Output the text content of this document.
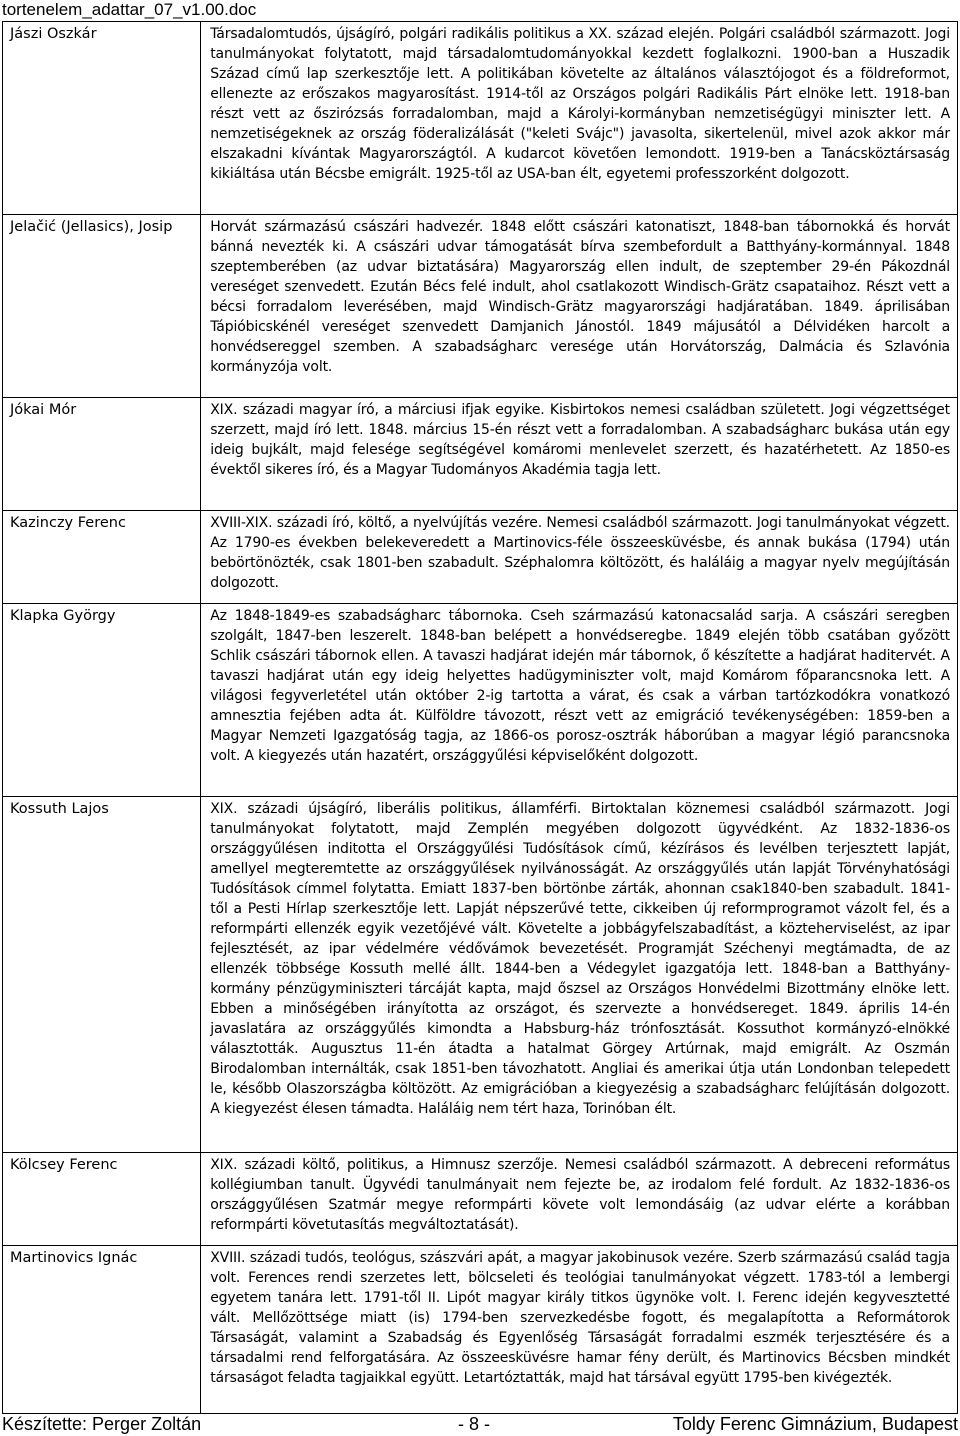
tortenelem_adattar_07_v1.00.doc
Jászi Oszkár	Társadalomtudós, újságíró, polgári radikális politikus a XX. század elején. Polgári családból származott. Jogi tanulmányokat folytatott, majd társadalomtudományokkal kezdett foglalkozni. 1900-ban a Huszadik Század című lap szerkesztője lett. A politikában követelte az általános választójogot és a földreformot, ellenezte az erőszakos magyarosítást. 1914-től az Országos polgári Radikális Párt elnöke lett. 1918-ban részt vett az őszirózsás forradalomban, majd a Károlyi-kormányban nemzetiségügyi miniszter lett. A nemzetiségeknek az ország föderalizálását ("keleti Svájc") javasolta, sikertelenül, mivel azok akkor már elszakadni kívántak Magyarországtól. A kudarcot követően lemondott. 1919-ben a Tanácsköztársaság kikiáltása után Bécsbe emigrált. 1925-től az USA-ban élt, egyetemi professzorként dolgozott.

Jelačić (Jellasics), Josip	Horvát származású császári hadvezér. 1848 előtt császári katonatiszt, 1848-ban tábornokká és horvát bánná nevezték ki. A császári udvar támogatását bírva szembefordult a Batthyány-kormánnyal. 1848 szeptemberében (az udvar biztatására) Magyarország ellen indult, de szeptember 29-én Pákozdnál vereséget szenvedett. Ezután Bécs felé indult, ahol csatlakozott Windisch-Grätz csapataihoz. Részt vett a bécsi forradalom leverésében, majd Windisch-Grätz magyarországi hadjáratában. 1849. áprilisában Tápióbicskénél vereséget szenvedett Damjanich Jánostól. 1849 májusától a Délvidéken harcolt a honvédsereggel szemben. A szabadságharc veresége után Horvátország, Dalmácia és Szlavónia kormányzója volt.

Jókai Mór	XIX. századi magyar író, a márciusi ifjak egyike. Kisbirtokos nemesi családban született. Jogi végzettséget szerzett, majd író lett. 1848. március 15-én részt vett a forradalomban. A szabadságharc bukása után egy ideig bujkált, majd felesége segítségével komáromi menlevelet szerzett, és hazatérhetett. Az 1850-es évektől sikeres író, és a Magyar Tudományos Akadémia tagja lett.

Kazinczy Ferenc	XVIII-XIX. századi író, költő, a nyelvújítás vezére. Nemesi családból származott. Jogi tanulmányokat végzett. Az 1790-es években belekeveredett a Martinovics-féle összeesküvésbe, és annak bukása (1794) után bebörtönözték, csak 1801-ben szabadult. Széphalomra költözött, és haláláig a magyar nyelv megújításán dolgozott.

Klapka György	Az 1848-1849-es szabadságharc tábornoka. Cseh származású katonacsalád sarja. A császári seregben szolgált, 1847-ben leszerelt. 1848-ban belépett a honvédseregbe. 1849 elején több csatában győzött Schlik császári tábornok ellen. A tavaszi hadjárat idején már tábornok, ő készítette a hadjárat haditervét. A tavaszi hadjárat után egy ideig helyettes hadügyminiszter volt, majd Komárom főparancsnoka lett. A világosi fegyverletétel után október 2-ig tartotta a várat, és csak a várban tartózkodókra vonatkozó amnesztia fejében adta át. Külföldre távozott, részt vett az emigráció tevékenységében: 1859-ben a Magyar Nemzeti Igazgatóság tagja, az 1866-os porosz-osztrák háborúban a magyar légió parancsnoka volt. A kiegyezés után hazatért, országgyűlési képviselőként dolgozott.

Kossuth Lajos	XIX. századi újságíró, liberális politikus, államférfi. Birtoktalan köznemesi családból származott. Jogi tanulmányokat folytatott, majd Zemplén megyében dolgozott ügyvédként. Az 1832-1836-os országgyűlésen inditotta el Országgyűlési Tudósítások című, kézírásos és levélben terjesztett lapját, amellyel megteremtette az országgyűlések nyilvánosságát. Az országgyűlés után lapját Törvényhatósági Tudósítások címmel folytatta. Emiatt 1837-ben börtönbe zárták, ahonnan csak1840-ben szabadult. 1841-től a Pesti Hírlap szerkesztője lett. Lapját népszerűvé tette, cikkeiben új reformprogramot vázolt fel, és a reformpárti ellenzék egyik vezetőjévé vált. Követelte a jobbágyfelszabadítást, a közteherviselést, az ipar fejlesztését, az ipar védelmére védővámok bevezetését. Programját Széchenyi megtámadta, de az ellenzék többsége Kossuth mellé állt. 1844-ben a Védegylet igazgatója lett. 1848-ban a Batthyány-kormány pénzügyminiszteri tárcáját kapta, majd őszsel az Országos Honvédelmi Bizottmány elnöke lett. Ebben a minőségében irányította az országot, és szervezte a honvédsereget. 1849. április 14-én javaslatára az országgyűlés kimondta a Habsburg-ház trónfosztását. Kossuthot kormányzó-elnökké választották. Augusztus 11-én átadta a hatalmat Görgey Artúrnak, majd emigrált. Az Oszmán Birodalomban internálták, csak 1851-ben távozhatott. Angliai és amerikai útja után Londonban telepedett le, később Olaszországba költözött. Az emigrációban a kiegyezésig a szabadságharc felújításán dolgozott. A kiegyezést élesen támadta. Haláláig nem tért haza, Torinóban élt.

Kölcsey Ferenc	XIX. századi költő, politikus, a Himnusz szerzője. Nemesi családból származott. A debreceni református kollégiumban tanult. Ügyvédi tanulmányait nem fejezte be, az irodalom felé fordult. Az 1832-1836-os országgyűlésen Szatmár megye reformpárti követe volt lemondásáig (az udvar elérte a korábban reformpárti követutasítás megváltoztatását).

Martinovics Ignác	XVIII. századi tudós, teológus, szászvári apát, a magyar jakobinusok vezére. Szerb származású család tagja volt. Ferences rendi szerzetes lett, bölcseleti és teológiai tanulmányokat végzett. 1783-tól a lembergi egyetem tanára lett. 1791-től II. Lipót magyar király titkos ügynöke volt. I. Ferenc idején kegyvesztetté vált. Mellőzöttsége miatt (is) 1794-ben szervezkedésbe fogott, és megalapította a Reformátorok Társaságát, valamint a Szabadság és Egyenlőség Társaságát forradalmi eszmék terjesztésére és a társadalmi rend felforgatására. Az összeesküvésre hamar fény derült, és Martinovics Bécsben mindkét társaságot feladta tagjaikkal együtt. Letartóztatták, majd hat társával együtt 1795-ben kivégezték.
Készítette: Perger Zoltán	- 8 -	Toldy Ferenc Gimnázium, Budapest
